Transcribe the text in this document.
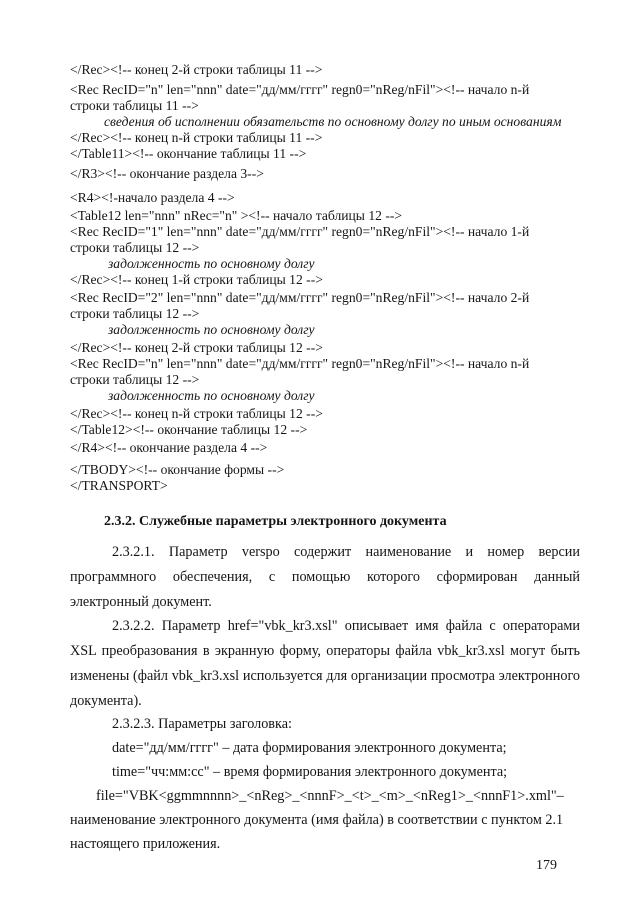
</Rec><!-- конец 2-й строки таблицы 11 -->
<Rec RecID="n" len="nnn" date="дд/мм/гггг" regn0="nReg/nFil"><!-- начало n-й
строки таблицы 11 -->
сведения об исполнении обязательств по основному долгу по иным основаниям
</Rec><!-- конец n-й строки таблицы 11 -->
</Table11><!-- окончание таблицы 11 -->
</R3><!-- окончание раздела 3-->
<R4><!-начало раздела 4 -->
<Table12 len="nnn" nRec="n" ><!-- начало таблицы 12 -->
<Rec RecID="1" len="nnn" date="дд/мм/гггг" regn0="nReg/nFil"><!-- начало 1-й
строки таблицы 12 -->
задолженность по основному долгу
</Rec><!-- конец 1-й строки таблицы 12 -->
<Rec RecID="2" len="nnn" date="дд/мм/гггг" regn0="nReg/nFil"><!-- начало 2-й
строки таблицы 12 -->
задолженность по основному долгу
</Rec><!-- конец 2-й строки таблицы 12 -->
<Rec RecID="n" len="nnn" date="дд/мм/гггг" regn0="nReg/nFil"><!-- начало n-й
строки таблицы 12 -->
задолженность по основному долгу
</Rec><!-- конец n-й строки таблицы 12 -->
</Table12><!-- окончание таблицы 12 -->
</R4><!-- окончание раздела 4 -->
</TBODY><!-- окончание формы -->
</TRANSPORT>
2.3.2. Служебные параметры электронного документа
2.3.2.1. Параметр versро содержит наименование и номер версии программного обеспечения, с помощью которого сформирован данный электронный документ.
2.3.2.2. Параметр href="vbk_kr3.xsl" описывает имя файла с операторами XSL преобразования в экранную форму, операторы файла vbk_kr3.xsl могут быть изменены (файл vbk_kr3.xsl используется для организации просмотра электронного документа).
2.3.2.3. Параметры заголовка:
date="дд/мм/гггг" – дата формирования электронного документа;
time="чч:мм:сс" – время формирования электронного документа;
file="VBK<ggmmnnnn>_<nReg>_<nnnF>_<t>_<m>_<nReg1>_<nnnF1>.xml"–
наименование электронного документа (имя файла) в соответствии с пунктом 2.1
настоящего приложения.
179
